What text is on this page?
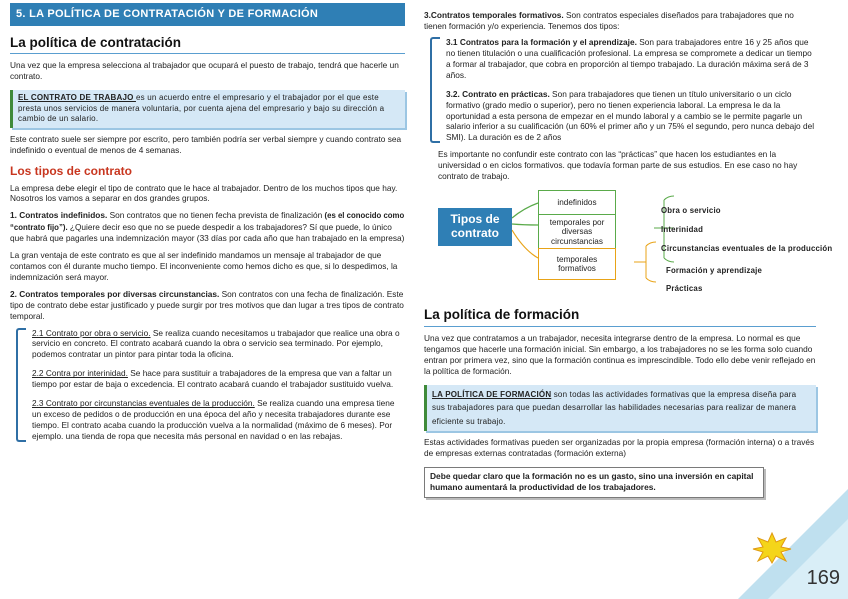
5. LA POLÍTICA DE CONTRATACIÓN Y DE FORMACIÓN
La política de contratación

Una vez que la empresa selecciona al trabajador que ocupará el puesto de trabajo, tendrá que hacerle un contrato.

EL CONTRATO DE TRABAJO es un acuerdo entre el empresario y el trabajador por el que este presta unos servicios de manera voluntaria, por cuenta ajena del empresario y bajo su dirección a cambio de un salario.

Este contrato suele ser siempre por escrito, pero también podría ser verbal siempre y cuando contrato sea indefinido o eventual de menos de 4 semanas.

Los tipos de contrato

La empresa debe elegir el tipo de contrato que le hace al trabajador. Dentro de los muchos tipos que hay. Nosotros los vamos a separar en dos grandes grupos.

1. Contratos indefinidos. Son contratos que no tienen fecha prevista de finalización (es el conocido como “contrato fijo”). ¿Quiere decir eso que no se puede despedir a los trabajadores? Sí que puede, lo único que habrá que pagarles una indemnización mayor (33 días por cada año que han trabajado en la empresa)

La gran ventaja de este contrato es que al ser indefinido mandamos un mensaje al trabajador de que contamos con él durante mucho tiempo. El inconveniente como hemos dicho es que, si lo despedimos, la indemnización será mayor.

2. Contratos temporales por diversas circunstancias. Son contratos con una fecha de finalización. Este tipo de contrato debe estar justificado y puede surgir por tres motivos que dan lugar a tres tipos de contrato temporal.

2.1 Contrato por obra o servicio. Se realiza cuando necesitamos u trabajador que realice una obra o servicio en concreto. El contrato acabará cuando la obra o servicio sea terminado. Por ejemplo, podemos contratar un pintor para pintar toda la oficina.

2.2 Contra por interinidad. Se hace para sustituir a trabajadores de la empresa que van a faltar un tiempo por estar de baja o excedencia. El contrato acabará cuando el trabajador sustituido vuelva.

2.3 Contrato por circunstancias eventuales de la producción. Se realiza cuando una empresa tiene un exceso de pedidos o de producción en una época del año y necesita trabajadores durante ese tiempo. El contrato acaba cuando la producción vuelva a la normalidad (máximo de 6 meses). Por ejemplo. una tienda de ropa que necesita más personal en navidad o en las rebajas.

3.Contratos temporales formativos. Son contratos especiales diseñados para trabajadores que no tienen formación y/o experiencia. Tenemos dos tipos:

3.1 Contratos para la formación y el aprendizaje. Son para trabajadores entre 16 y 25 años que no tienen titulación o una cualificación profesional. La empresa se compromete a dedicar un tiempo a formar al trabajador, que cobra en proporción al tiempo trabajado. La duración máxima será de 3 años.

3.2. Contrato en prácticas. Son para trabajadores que tienen un título universitario o un ciclo formativo (grado medio o superior), pero no tienen experiencia laboral. La empresa le da la oportunidad a esta persona de empezar en el mundo laboral y a cambio se le permite pagarle un salario inferior a su cualificación (un 60% el primer año y un 75% el segundo, pero nunca debajo del SMI). La duración es de 2 años

Es importante no confundir este contrato con las “prácticas” que hacen los estudiantes en la universidad o en ciclos formativos. que todavía forman parte de sus estudios. En ese caso no hay contrato de trabajo.

Tipos de contrato
indefinidos
temporales por diversas circunstancias
temporales formativos
Obra o servicio
Interinidad
Circunstancias eventuales de la producción
Formación y aprendizaje
Prácticas
La política de formación

Una vez que contratamos a un trabajador, necesita integrarse dentro de la empresa. Lo normal es que tengamos que hacerle una formación inicial. Sin embargo, a los trabajadores no se les forma solo cuando entran por primera vez, sino que la formación continua es imprescindible. Todo ello debe venir reflejado en la política de formación.

LA POLÍTICA DE FORMACIÓN son todas las actividades formativas que la empresa diseña para sus trabajadores para que puedan desarrollar las habilidades necesarias para realizar de manera eficiente su trabajo.

Estas actividades formativas pueden ser organizadas por la propia empresa (formación interna) o a través de empresas externas contratadas (formación externa)

Debe quedar claro que la formación no es un gasto, sino una inversión en capital humano aumentará la productividad de los trabajadores.
169
